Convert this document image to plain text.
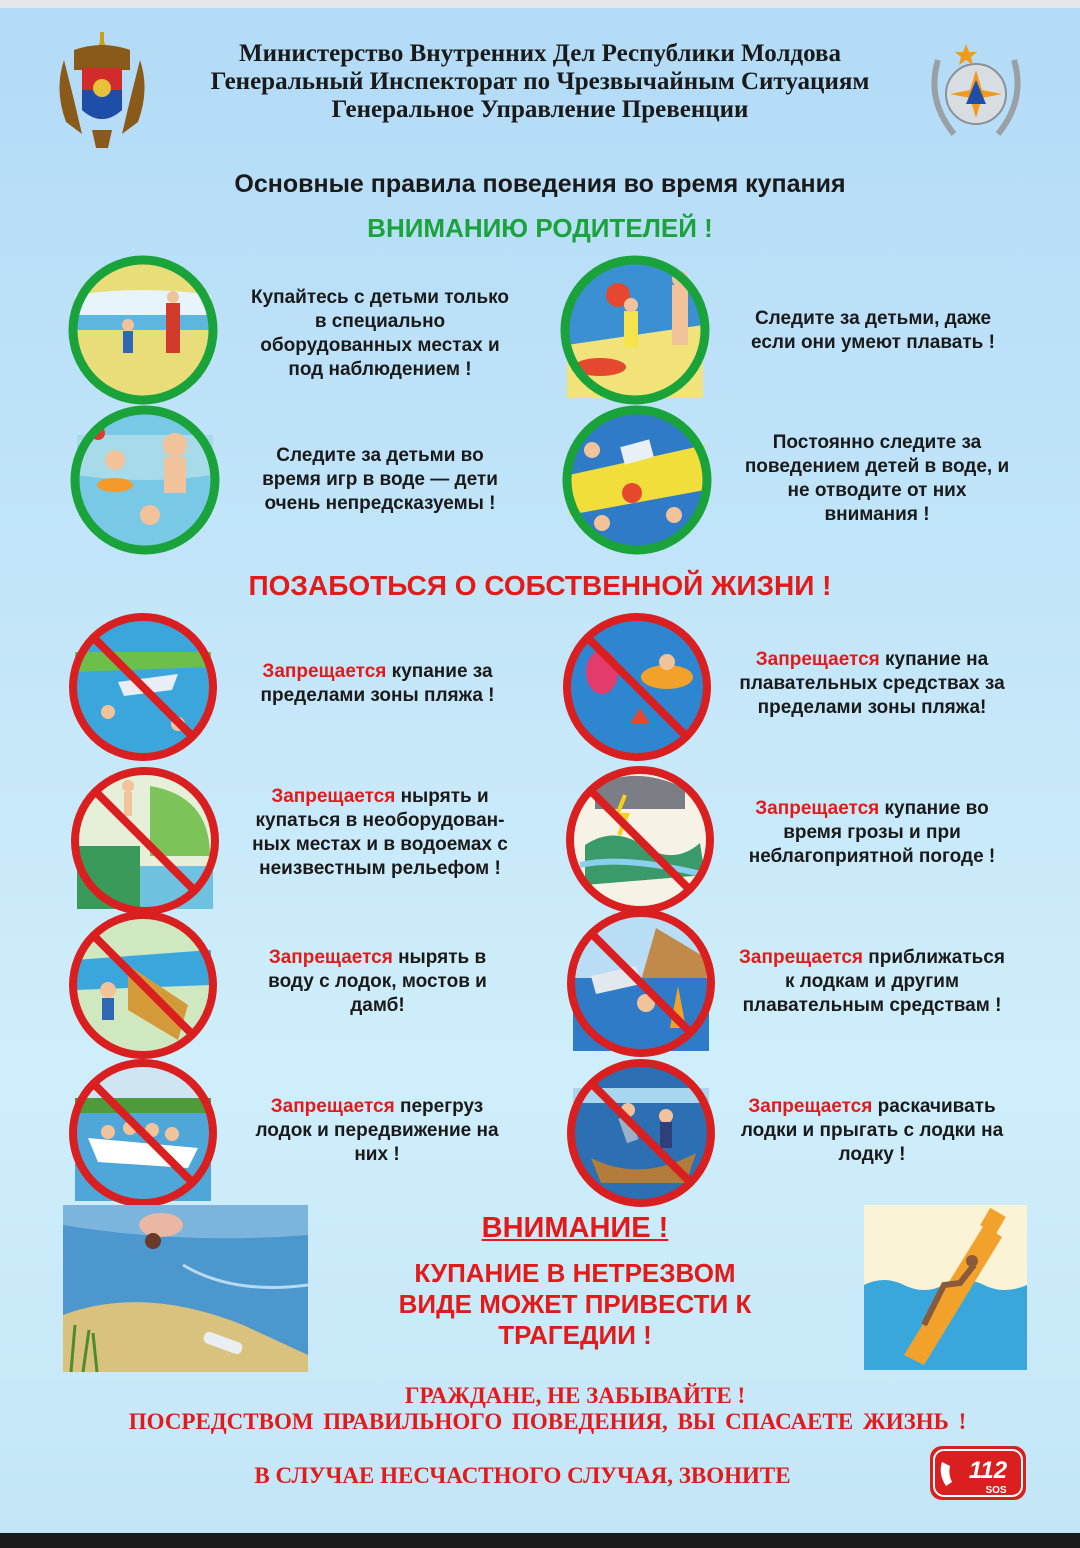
Министерство Внутренних Дел Республики Молдова
Генеральный Инспекторат по Чрезвычайным Ситуациям
Генеральное Управление Превенции
Основные правила поведения во время купания
ВНИМАНИЮ РОДИТЕЛЕЙ !
Купайтесь с детьми только
в специально
оборудованных местах и
под наблюдением !
Следите за детьми, даже
если они умеют плавать !
Следите за детьми во
время игр в воде — дети
очень непредсказуемы !
Постоянно следите за
поведением детей в воде, и
не отводите от них
внимания !
ПОЗАБОТЬСЯ О СОБСТВЕННОЙ ЖИЗНИ !
Запрещается купание за
пределами зоны пляжа !
Запрещается купание на
плавательных средствах за
пределами зоны пляжа!
Запрещается нырять и
купаться в необорудован-
ных местах и в водоемах с
неизвестным рельефом !
Запрещается купание во
время грозы и при
неблагоприятной погоде !
Запрещается нырять в
воду с лодок, мостов и
дамб!
Запрещается приближаться
к лодкам и другим
плавательным средствам !
Запрещается перегруз
лодок и передвижение на
них !
Запрещается раскачивать
лодки и прыгать с лодки на
лодку !
ВНИМАНИЕ !
КУПАНИЕ В НЕТРЕЗВОМ
ВИДЕ МОЖЕТ ПРИВЕСТИ К
ТРАГЕДИИ !
ГРАЖДАНЕ, НЕ ЗАБЫВАЙТЕ !
ПОСРЕДСТВОМ ПРАВИЛЬНОГО ПОВЕДЕНИЯ, ВЫ СПАСАЕТЕ ЖИЗНЬ !
В СЛУЧАЕ НЕСЧАСТНОГО СЛУЧАЯ, ЗВОНИТЕ	112
SOS
